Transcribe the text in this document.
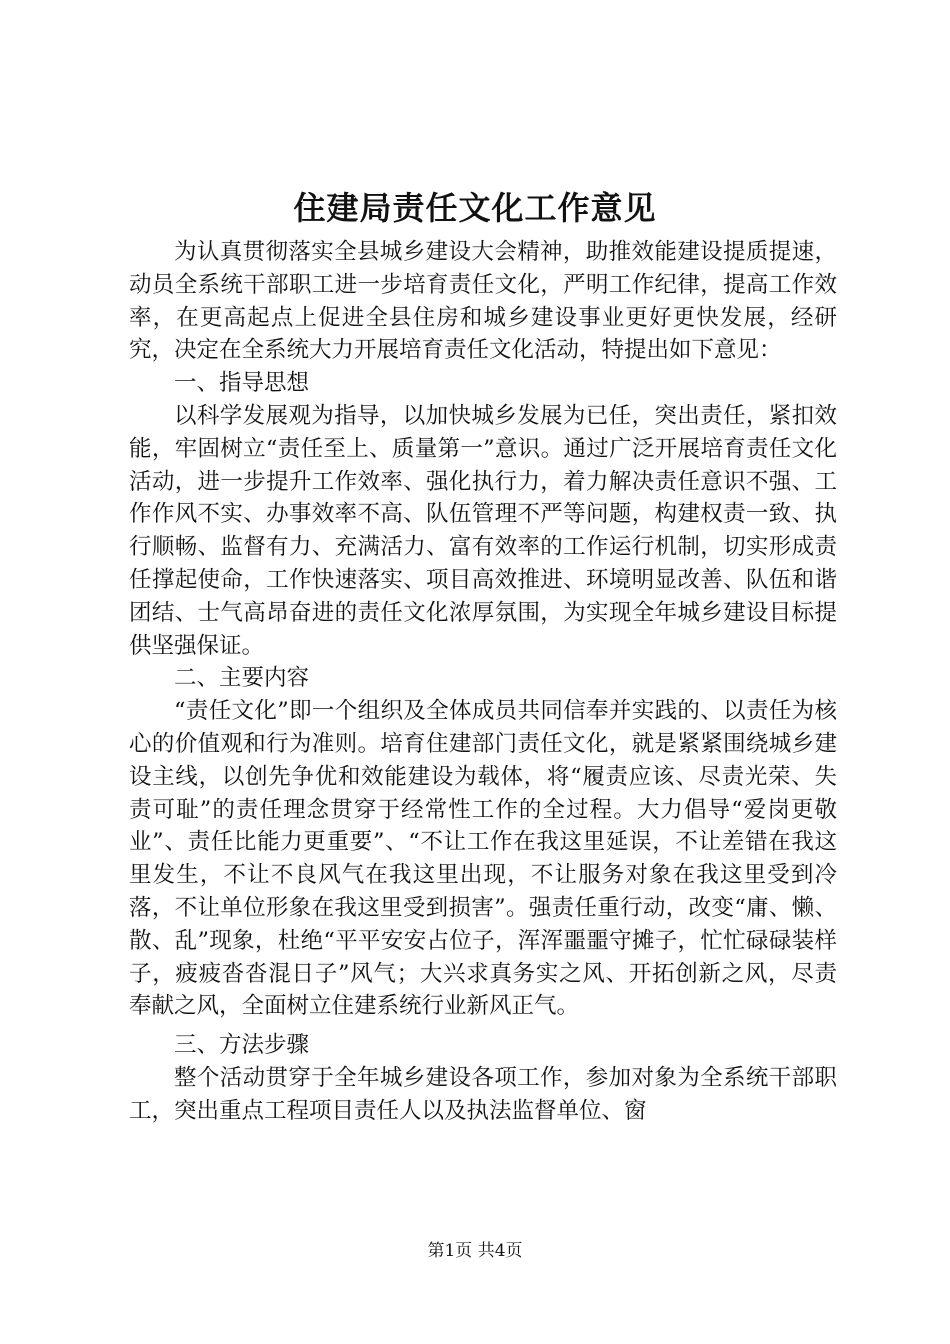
住建局责任文化工作意见

为认真贯彻落实全县城乡建设大会精神，助推效能建设提质提速，动员全系统干部职工进一步培育责任文化，严明工作纪律，提高工作效率，在更高起点上促进全县住房和城乡建设事业更好更快发展，经研究，决定在全系统大力开展培育责任文化活动，特提出如下意见：

一、指导思想

以科学发展观为指导，以加快城乡发展为已任，突出责任，紧扣效能，牢固树立“责任至上、质量第一”意识。通过广泛开展培育责任文化活动，进一步提升工作效率、强化执行力，着力解决责任意识不强、工作作风不实、办事效率不高、队伍管理不严等问题，构建权责一致、执行顺畅、监督有力、充满活力、富有效率的工作运行机制，切实形成责任撑起使命，工作快速落实、项目高效推进、环境明显改善、队伍和谐团结、士气高昂奋进的责任文化浓厚氛围，为实现全年城乡建设目标提供坚强保证。

二、主要内容

“责任文化”即一个组织及全体成员共同信奉并实践的、以责任为核心的价值观和行为准则。培育住建部门责任文化，就是紧紧围绕城乡建设主线，以创先争优和效能建设为载体，将“履责应该、尽责光荣、失责可耻”的责任理念贯穿于经常性工作的全过程。大力倡导“爱岗更敬业”、责任比能力更重要”、“不让工作在我这里延误，不让差错在我这里发生，不让不良风气在我这里出现，不让服务对象在我这里受到冷落，不让单位形象在我这里受到损害”。强责任重行动，改变“庸、懒、散、乱”现象，杜绝“平平安安占位子，浑浑噩噩守摊子，忙忙碌碌装样子，疲疲沓沓混日子”风气；大兴求真务实之风、开拓创新之风，尽责奉献之风，全面树立住建系统行业新风正气。

三、方法步骤

整个活动贯穿于全年城乡建设各项工作，参加对象为全系统干部职工，突出重点工程项目责任人以及执法监督单位、窗

第1页 共4页
